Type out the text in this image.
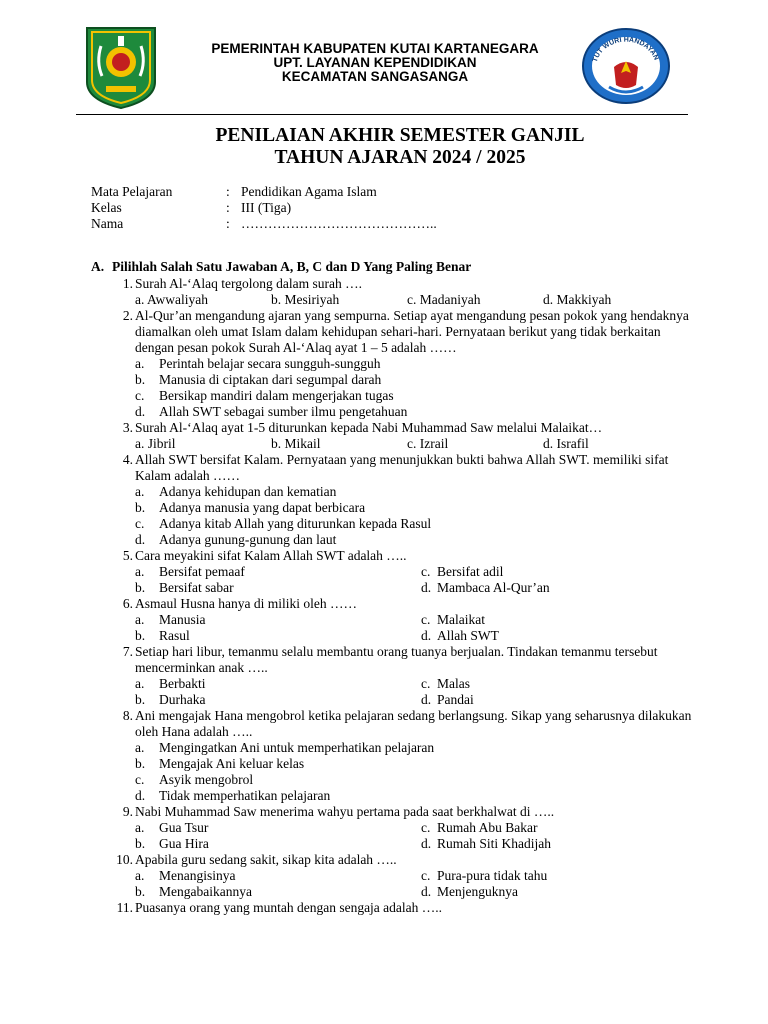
PEMERINTAH KABUPATEN KUTAI KARTANEGARA
UPT. LAYANAN KEPENDIDIKAN
KECAMATAN SANGASANGA
TUT WURI HANDAYAN
PENILAIAN AKHIR SEMESTER GANJIL
TAHUN AJARAN 2024 / 2025
Mata Pelajaran	: Pendidikan Agama Islam
Kelas	: III (Tiga)
Nama	: ……………………………………..
A. Pilihlah Salah Satu Jawaban A, B, C dan D Yang Paling Benar
1 . Surah Al-‘Alaq tergolong dalam surah ….
a. Awwaliyah	b. Mesiriyah	c. Madaniyah	d. Makkiyah
2 . Al-Qur’an mengandung ajaran yang sempurna. Setiap ayat mengandung pesan pokok yang hendaknya diamalkan oleh umat Islam dalam kehidupan sehari-hari. Pernyataan berikut yang tidak berkaitan dengan pesan pokok Surah Al-‘Alaq ayat 1 – 5 adalah ……
a . Perintah belajar secara sungguh-sungguh
b . Manusia di ciptakan dari segumpal darah
c . Bersikap mandiri dalam mengerjakan tugas
d . Allah SWT sebagai sumber ilmu pengetahuan
3 . Surah Al-‘Alaq ayat 1-5 diturunkan kepada Nabi Muhammad Saw melalui Malaikat…
a. Jibril	b. Mikail	c. Izrail	d. Israfil
4 . Allah SWT bersifat Kalam. Pernyataan yang menunjukkan bukti bahwa Allah SWT. memiliki sifat Kalam adalah ……
a . Adanya kehidupan dan kematian
b . Adanya manusia yang dapat berbicara
c . Adanya kitab Allah yang diturunkan kepada Rasul
d . Adanya gunung-gunung dan laut
5 . Cara meyakini sifat Kalam Allah SWT adalah …..
a . Bersifat pemaaf
b . Bersifat sabar
c . Bersifat adil
d . Mambaca Al-Qur’an
6 . Asmaul Husna hanya di miliki oleh ……
a . Manusia
b . Rasul
c . Malaikat
d . Allah SWT
7 . Setiap hari libur, temanmu selalu membantu orang tuanya berjualan. Tindakan temanmu tersebut mencerminkan anak …..
a . Berbakti
b . Durhaka
c . Malas
d . Pandai
8 . Ani mengajak Hana mengobrol ketika pelajaran sedang berlangsung. Sikap yang seharusnya dilakukan oleh Hana adalah …..
a . Mengingatkan Ani untuk memperhatikan pelajaran
b . Mengajak Ani keluar kelas
c . Asyik mengobrol
d . Tidak memperhatikan pelajaran
9 . Nabi Muhammad Saw menerima wahyu pertama pada saat berkhalwat di …..
a . Gua Tsur
b . Gua Hira
c . Rumah Abu Bakar
d . Rumah Siti Khadijah
10 . Apabila guru sedang sakit, sikap kita adalah …..
a . Menangisinya
b . Mengabaikannya
c . Pura-pura tidak tahu
d . Menjenguknya
11 . Puasanya orang yang muntah dengan sengaja adalah …..
